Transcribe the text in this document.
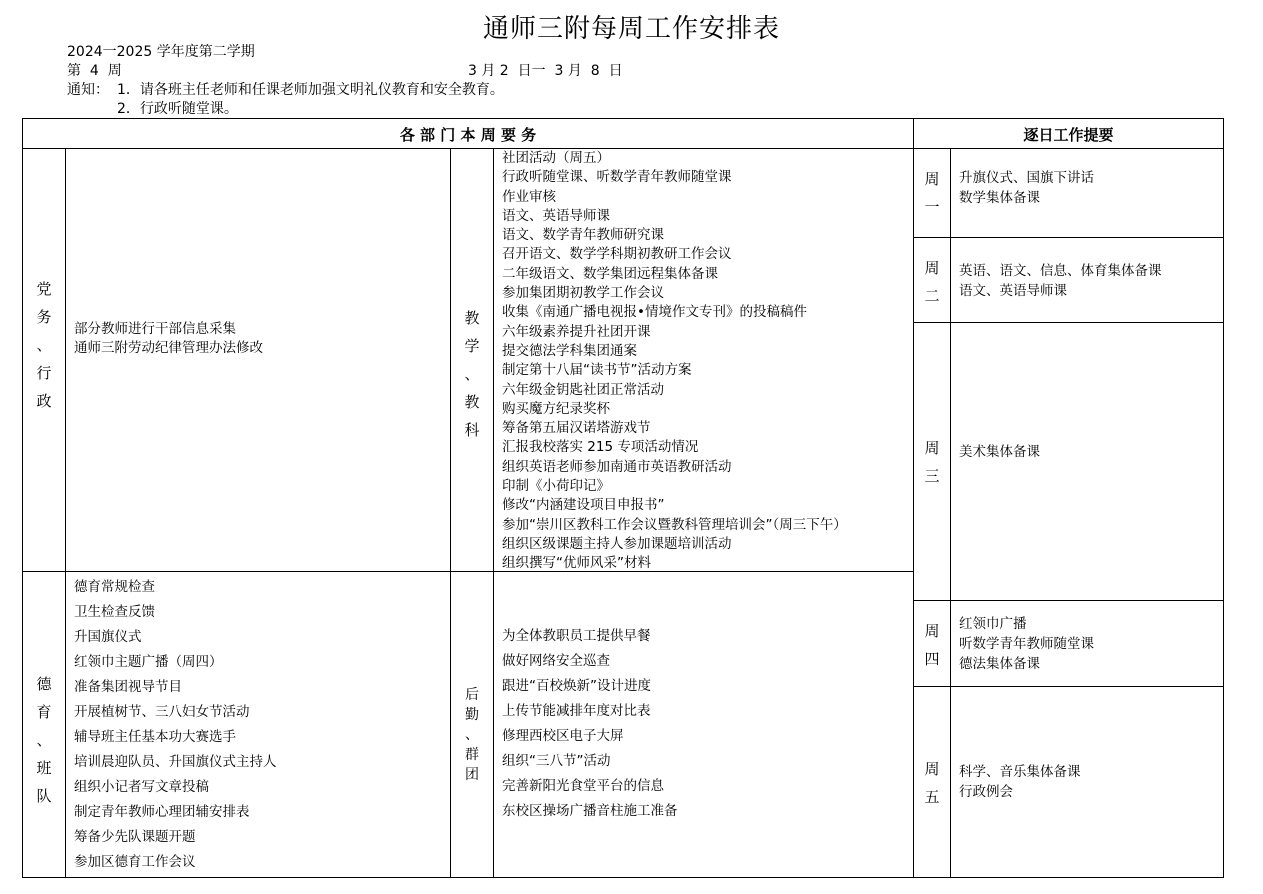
通师三附每周工作安排表
2024一2025 学年度第二学期
第  4  周	3 月 2  日一  3 月  8  日
通知： 1．请各班主任老师和任课老师加强文明礼仪教育和安全教育。
2．行政听随堂课。
各 部 门 本 周 要 务	逐日工作提要
党
务
、
行
政
部分教师进行干部信息采集
通师三附劳动纪律管理办法修改
教
学
、
教
科
社团活动（周五）
行政听随堂课、听数学青年教师随堂课
作业审核
语文、英语导师课
语文、数学青年教师研究课
召开语文、数学学科期初教研工作会议
二年级语文、数学集团远程集体备课
参加集团期初教学工作会议
收集《南通广播电视报•情境作文专刊》的投稿稿件
六年级素养提升社团开课
提交德法学科集团通案
制定第十八届“读书节”活动方案
六年级金钥匙社团正常活动
购买魔方纪录奖杯
筹备第五届汉诺塔游戏节
汇报我校落实 215 专项活动情况
组织英语老师参加南通市英语教研活动
印制《小荷印记》
修改“内涵建设项目申报书”
参加“崇川区教科工作会议暨教科管理培训会”（周三下午）
组织区级课题主持人参加课题培训活动
组织撰写“优师风采”材料
德
育
、
班
队
德育常规检查
卫生检查反馈
升国旗仪式
红领巾主题广播（周四）
准备集团视导节目
开展植树节、三八妇女节活动
辅导班主任基本功大赛选手
培训晨迎队员、升国旗仪式主持人
组织小记者写文章投稿
制定青年教师心理团辅安排表
筹备少先队课题开题
参加区德育工作会议
后
勤
、
群
团
为全体教职员工提供早餐
做好网络安全巡查
跟进“百校焕新”设计进度
上传节能减排年度对比表
修理西校区电子大屏
组织“三八节”活动
完善新阳光食堂平台的信息
东校区操场广播音柱施工准备
周
一
升旗仪式、国旗下讲话
数学集体备课
周
二
英语、语文、信息、体育集体备课
语文、英语导师课
周
三
美术集体备课
周
四
红领巾广播
听数学青年教师随堂课
德法集体备课
周
五
科学、音乐集体备课
行政例会
